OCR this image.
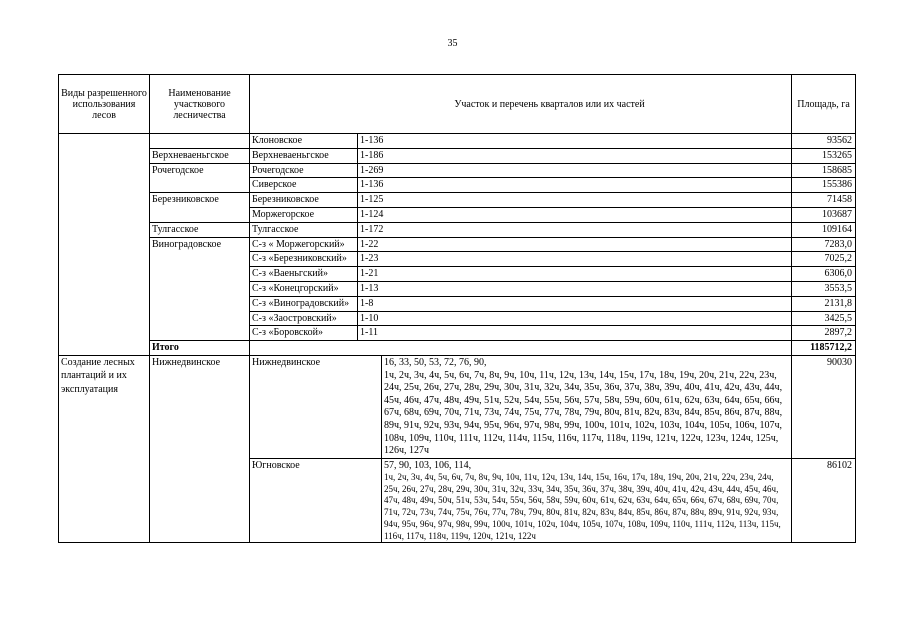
35
Виды разрешенного использования лесов	Наименование участкового лесничества	Участок и перечень кварталов или их частей			Площадь, га
		Клоновское	1-136		93562
	Верхневаеньгское	Верхневаеньгское	1-186		153265
	Рочегодское	Рочегодское	1-269		158685
		Сиверское	1-136		155386
	Березниковское	Березниковское	1-125		71458
		Моржегорское	1-124		103687
	Тулгасское	Тулгасское	1-172		109164
	Виноградовское	С-з « Моржегорский»	1-22		7283,0
		С-з «Березниковский»	1-23		7025,2
		С-з «Ваеньгский»	1-21		6306,0
		С-з «Конецгорский»	1-13		3553,5
		С-з «Виноградовский»	1-8		2131,8
		С-з «Заостровский»	1-10		3425,5
		С-з «Боровской»	1-11		2897,2
	Итого				1185712,2
Создание лесных плантаций и их эксплуатация	Нижнедвинское	Нижнедвинское		16, 33, 50, 53, 72, 76, 90,
1ч, 2ч, 3ч, 4ч, 5ч, 6ч, 7ч, 8ч, 9ч, 10ч, 11ч, 12ч, 13ч, 14ч, 15ч, 17ч, 18ч, 19ч, 20ч, 21ч, 22ч, 23ч, 24ч, 25ч, 26ч, 27ч, 28ч, 29ч, 30ч, 31ч, 32ч, 34ч, 35ч, 36ч, 37ч, 38ч, 39ч, 40ч, 41ч, 42ч, 43ч, 44ч, 45ч, 46ч, 47ч, 48ч, 49ч, 51ч, 52ч, 54ч, 55ч, 56ч, 57ч, 58ч, 59ч, 60ч, 61ч, 62ч, 63ч, 64ч, 65ч, 66ч, 67ч, 68ч, 69ч, 70ч, 71ч, 73ч, 74ч, 75ч, 77ч, 78ч, 79ч, 80ч, 81ч, 82ч, 83ч, 84ч, 85ч, 86ч, 87ч, 88ч, 89ч, 91ч, 92ч, 93ч, 94ч, 95ч, 96ч, 97ч, 98ч, 99ч, 100ч, 101ч, 102ч, 103ч, 104ч, 105ч, 106ч, 107ч, 108ч, 109ч, 110ч, 111ч, 112ч, 114ч, 115ч, 116ч, 117ч, 118ч, 119ч, 121ч, 122ч, 123ч, 124ч, 125ч, 126ч, 127ч	90030
		Югновское		57, 90, 103, 106, 114,
1ч, 2ч, 3ч, 4ч, 5ч, 6ч, 7ч, 8ч, 9ч, 10ч, 11ч, 12ч, 13ч, 14ч, 15ч, 16ч, 17ч, 18ч, 19ч, 20ч, 21ч, 22ч, 23ч, 24ч, 25ч, 26ч, 27ч, 28ч, 29ч, 30ч, 31ч, 32ч, 33ч, 34ч, 35ч, 36ч, 37ч, 38ч, 39ч, 40ч, 41ч, 42ч, 43ч, 44ч, 45ч, 46ч, 47ч, 48ч, 49ч, 50ч, 51ч, 53ч, 54ч, 55ч, 56ч, 58ч, 59ч, 60ч, 61ч, 62ч, 63ч, 64ч, 65ч, 66ч, 67ч, 68ч, 69ч, 70ч, 71ч, 72ч, 73ч, 74ч, 75ч, 76ч, 77ч, 78ч, 79ч, 80ч, 81ч, 82ч, 83ч, 84ч, 85ч, 86ч, 87ч, 88ч, 89ч, 91ч, 92ч, 93ч, 94ч, 95ч, 96ч, 97ч, 98ч, 99ч, 100ч, 101ч, 102ч, 104ч, 105ч, 107ч, 108ч, 109ч, 110ч, 111ч, 112ч, 113ч, 115ч, 116ч, 117ч, 118ч, 119ч, 120ч, 121ч, 122ч	86102
